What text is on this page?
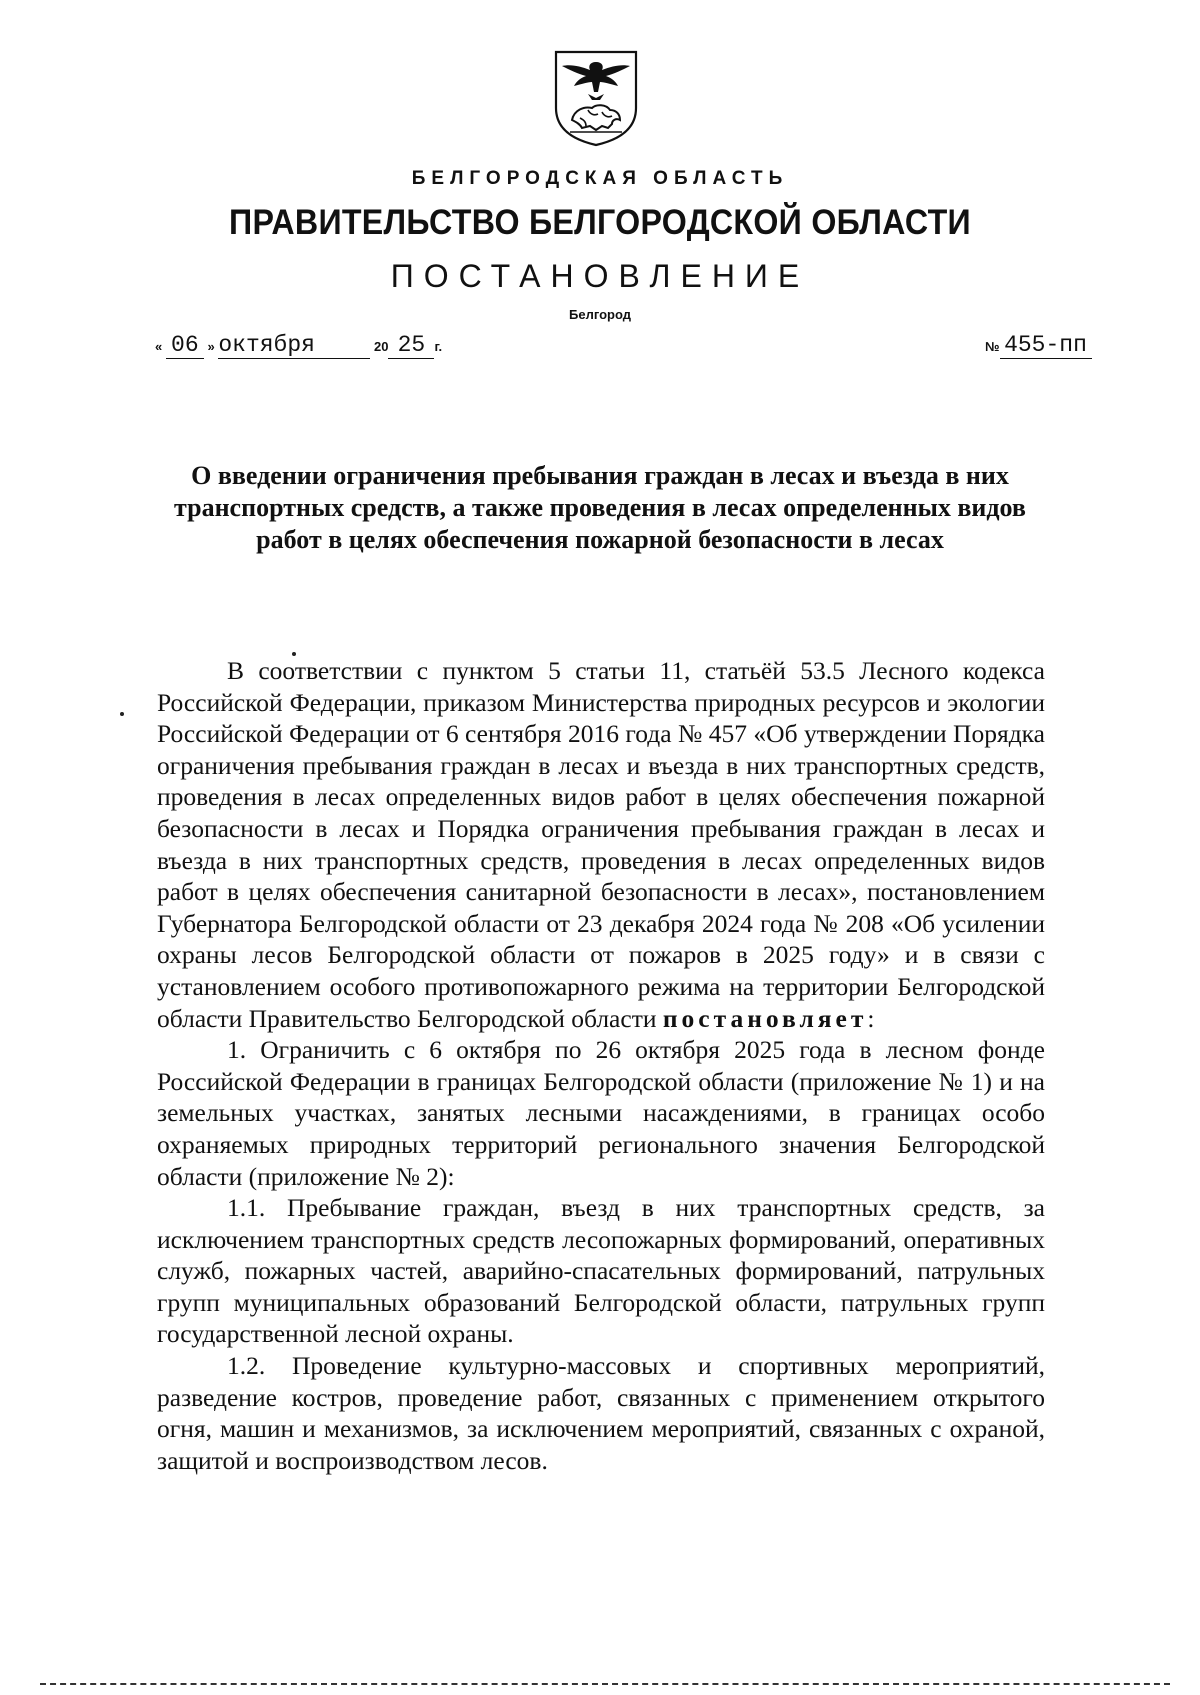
БЕЛГОРОДСКАЯ ОБЛАСТЬ
ПРАВИТЕЛЬСТВО БЕЛГОРОДСКОЙ ОБЛАСТИ
ПОСТАНОВЛЕНИЕ
Белгород
« 06 » октября	20 25 г.	№ 455-пп
О введении ограничения пребывания граждан в лесах и въезда в них транспортных средств, а также проведения в лесах определенных видов работ в целях обеспечения пожарной безопасности в лесах

В соответствии с пунктом 5 статьи 11, статьёй 53.5 Лесного кодекса Российской Федерации, приказом Министерства природных ресурсов и экологии Российской Федерации от 6 сентября 2016 года № 457 «Об утверждении Порядка ограничения пребывания граждан в лесах и въезда в них транспортных средств, проведения в лесах определенных видов работ в целях обеспечения пожарной безопасности в лесах и Порядка ограничения пребывания граждан в лесах и въезда в них транспортных средств, проведения в лесах определенных видов работ в целях обеспечения санитарной безопасности в лесах», постановлением Губернатора Белгородской области от 23 декабря 2024 года № 208 «Об усилении охраны лесов Белгородской области от пожаров в 2025 году» и в связи с установлением особого противопожарного режима на территории Белгородской области Правительство Белгородской области постановляет:

1. Ограничить с 6 октября по 26 октября 2025 года в лесном фонде Российской Федерации в границах Белгородской области (приложение № 1) и на земельных участках, занятых лесными насаждениями, в границах особо охраняемых природных территорий регионального значения Белгородской области (приложение № 2):

1.1. Пребывание граждан, въезд в них транспортных средств, за исключением транспортных средств лесопожарных формирований, оперативных служб, пожарных частей, аварийно-спасательных формирований, патрульных групп муниципальных образований Белгородской области, патрульных групп государственной лесной охраны.

1.2. Проведение культурно-массовых и спортивных мероприятий, разведение костров, проведение работ, связанных с применением открытого огня, машин и механизмов, за исключением мероприятий, связанных с охраной, защитой и воспроизводством лесов.
